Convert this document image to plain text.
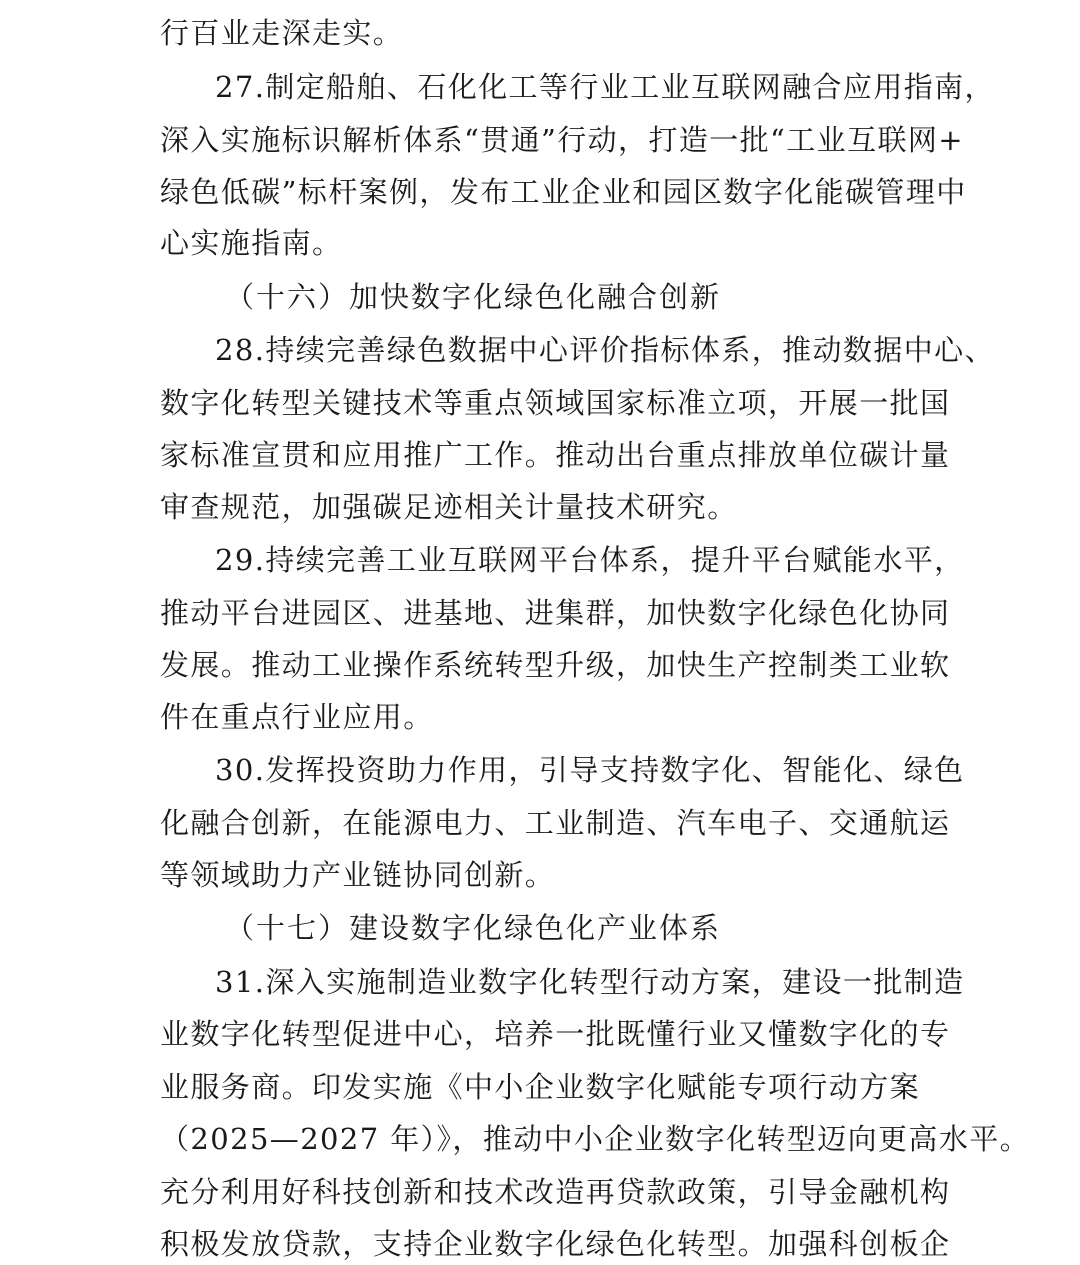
行百业走深走实。
27.制定船舶、石化化工等行业工业互联网融合应用指南，
深入实施标识解析体系“贯通”行动，打造一批“工业互联网+
绿色低碳”标杆案例，发布工业企业和园区数字化能碳管理中
心实施指南。
（十六）加快数字化绿色化融合创新
28.持续完善绿色数据中心评价指标体系，推动数据中心、
数字化转型关键技术等重点领域国家标准立项，开展一批国
家标准宣贯和应用推广工作。推动出台重点排放单位碳计量
审查规范，加强碳足迹相关计量技术研究。
29.持续完善工业互联网平台体系，提升平台赋能水平，
推动平台进园区、进基地、进集群，加快数字化绿色化协同
发展。推动工业操作系统转型升级，加快生产控制类工业软
件在重点行业应用。
30.发挥投资助力作用，引导支持数字化、智能化、绿色
化融合创新，在能源电力、工业制造、汽车电子、交通航运
等领域助力产业链协同创新。
（十七）建设数字化绿色化产业体系
31.深入实施制造业数字化转型行动方案，建设一批制造
业数字化转型促进中心，培养一批既懂行业又懂数字化的专
业服务商。印发实施《中小企业数字化赋能专项行动方案
（2025—2027 年）》，推动中小企业数字化转型迈向更高水平。
充分利用好科技创新和技术改造再贷款政策，引导金融机构
积极发放贷款，支持企业数字化绿色化转型。加强科创板企
